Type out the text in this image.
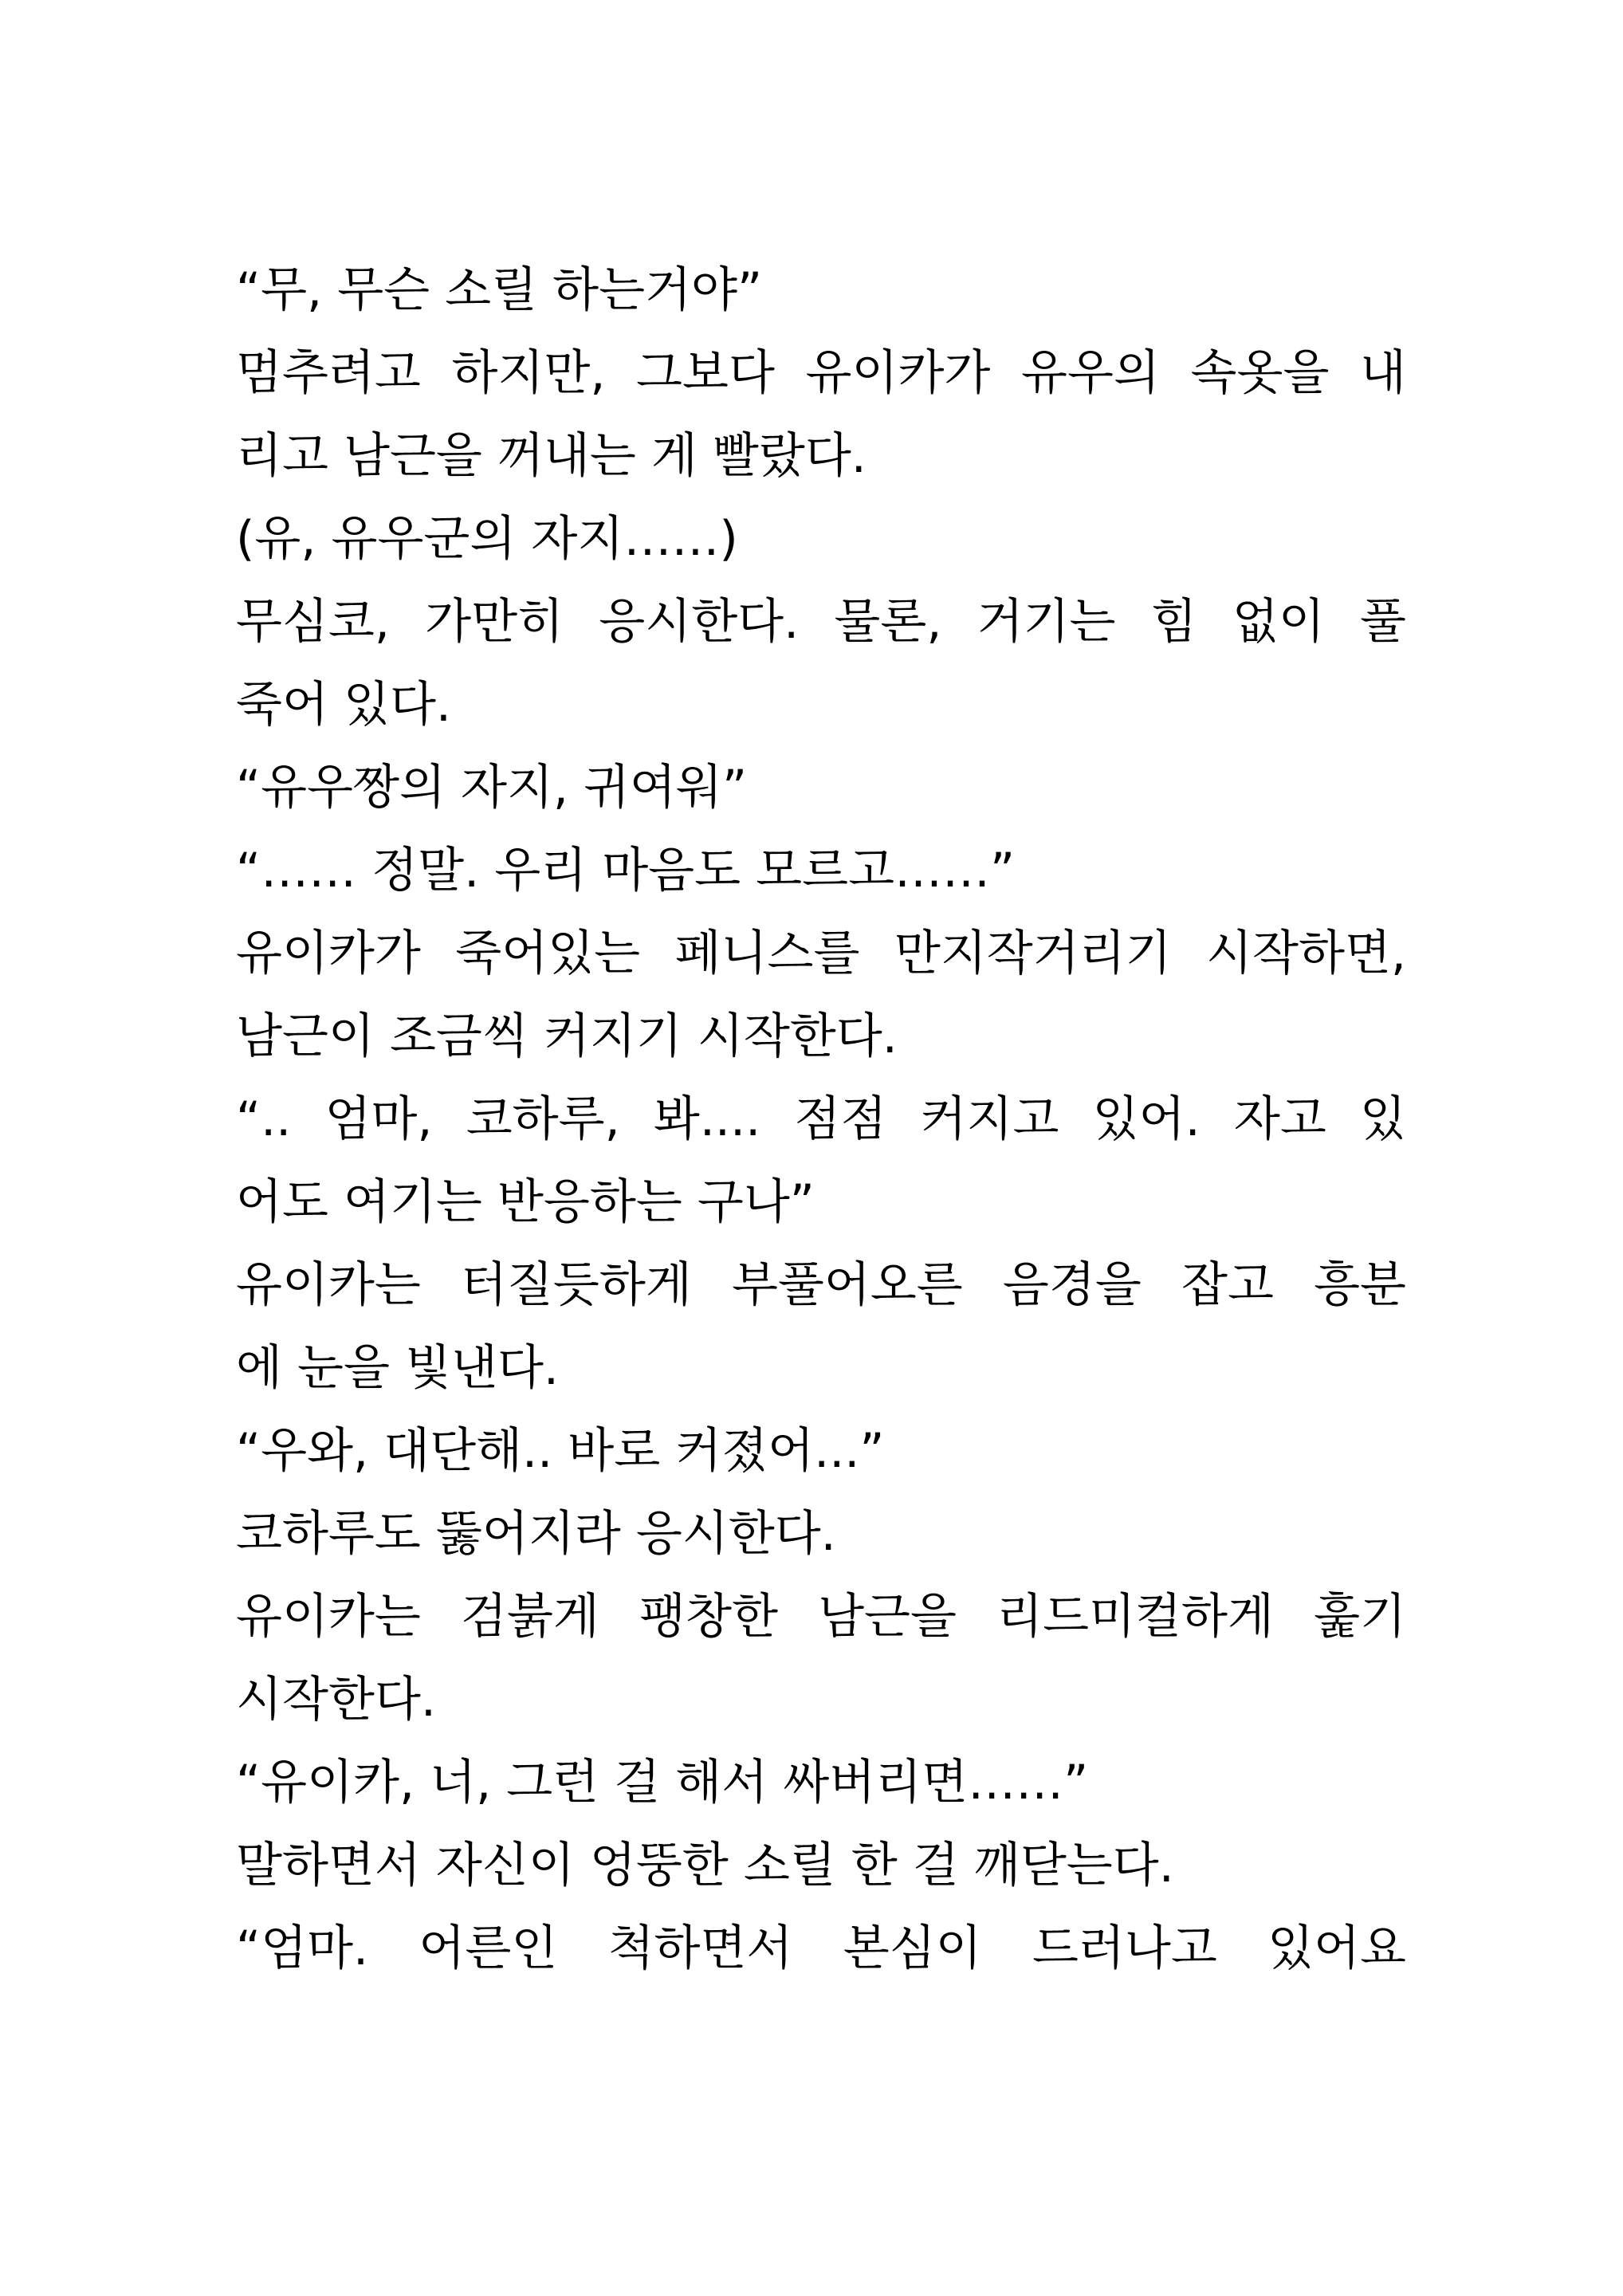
“무, 무슨 소릴 하는거야”
멈추려고 하지만, 그보다 유이카가 유우의 속옷을 내
리고 남근을 꺼내는 게 빨랐다.
(유, 유우군의 자지……)
무심코, 가만히 응시한다. 물론, 거기는 힘 없이 풀
죽어 있다.
“유우짱의 자지, 귀여워”
“…… 정말. 우리 마음도 모르고……”
유이카가 죽어있는 페니스를 만지작거리기 시작하면,
남근이 조금씩 커지기 시작한다.
“.. 엄마, 코하루, 봐.... 점점 커지고 있어. 자고 있
어도 여기는 반응하는 구나”
유이카는 터질듯하게 부풀어오른 음경을 잡고 흥분
에 눈을 빛낸다.
“우와, 대단해.. 바로 커졌어...”
코하루도 뚫어지라 응시한다.
유이카는 검붉게 팽창한 남근을 리드미컬하게 훑기
시작한다.
“유이카, 너, 그런 걸 해서 싸버리면……”
말하면서 자신이 엉뚱한 소릴 한 걸 깨닫는다.
“엄마. 어른인 척하면서 본심이 드러나고 있어요
